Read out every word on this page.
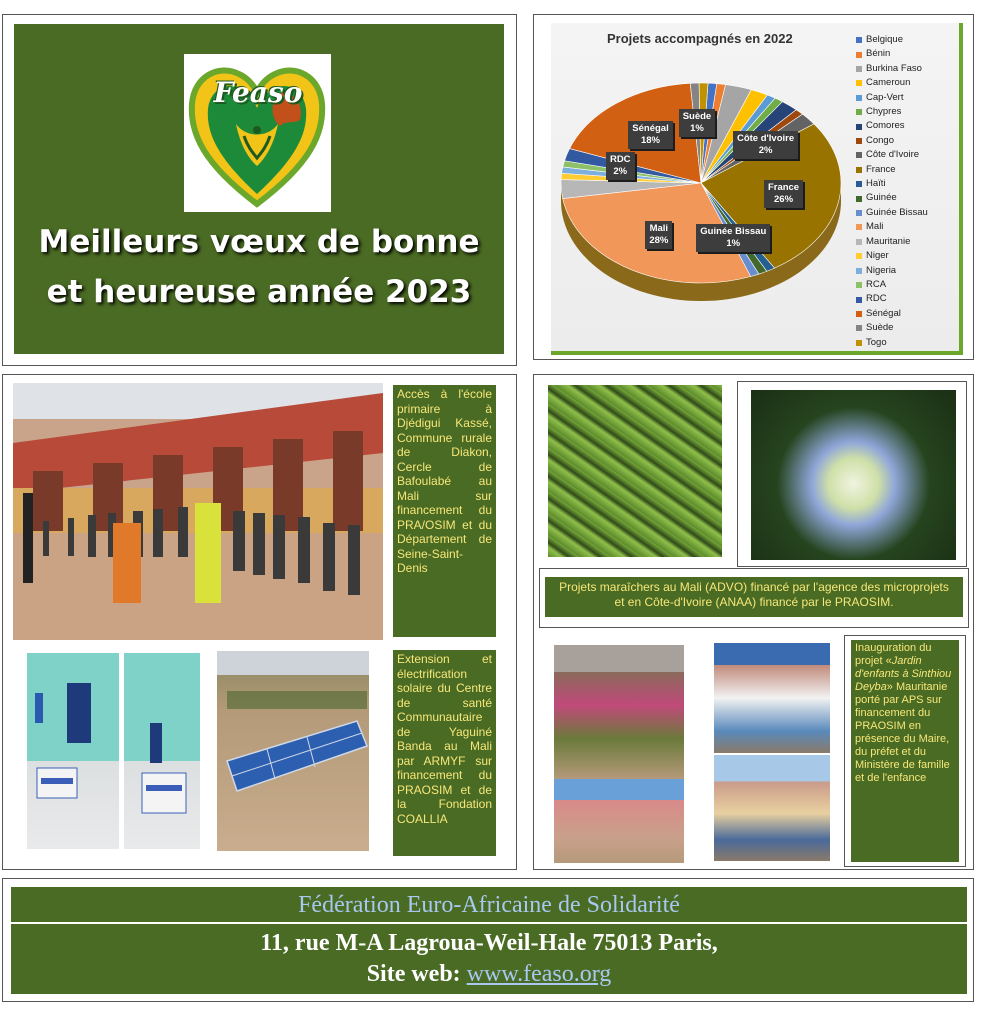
Feaso
Meilleurs vœux de bonne
et heureuse année 2023
Projets accompagnés en 2022
Sénégal
18%
Suède
1%
Côte d'Ivoire
2%
France
26%
Guinée Bissau
1%
Mali
28%
RDC
2%
Belgique
Bénin
Burkina Faso
Cameroun
Cap-Vert
Chypres
Comores
Congo
Côte d'Ivoire
France
Haïti
Guinée
Guinée Bissau
Mali
Mauritanie
Niger
Nigeria
RCA
RDC
Sénégal
Suède
Togo
Accès à l'école primaire à Djédigui Kassé, Commune rurale de Diakon, Cercle de Bafoulabé au Mali sur financement du PRA/OSIM et du Département de Seine-Saint-Denis
Extension et électrification solaire du Centre de santé Communautaire de Yaguiné Banda au Mali par ARMYF sur financement du PRAOSIM et de la Fondation COALLIA
Projets maraîchers au Mali (ADVO) financé par l'agence des microprojets et en Côte-d'Ivoire (ANAA) financé par le PRAOSIM.
Inauguration du projet «Jardin d'enfants à Sinthiou Deyba» Mauritanie porté par APS sur financement du PRAOSIM en présence du Maire, du préfet et du Ministère de famille et de l'enfance
Fédération Euro-Africaine de Solidarité
11, rue M-A Lagroua-Weil-Hale 75013 Paris,
Site web: www.feaso.org
